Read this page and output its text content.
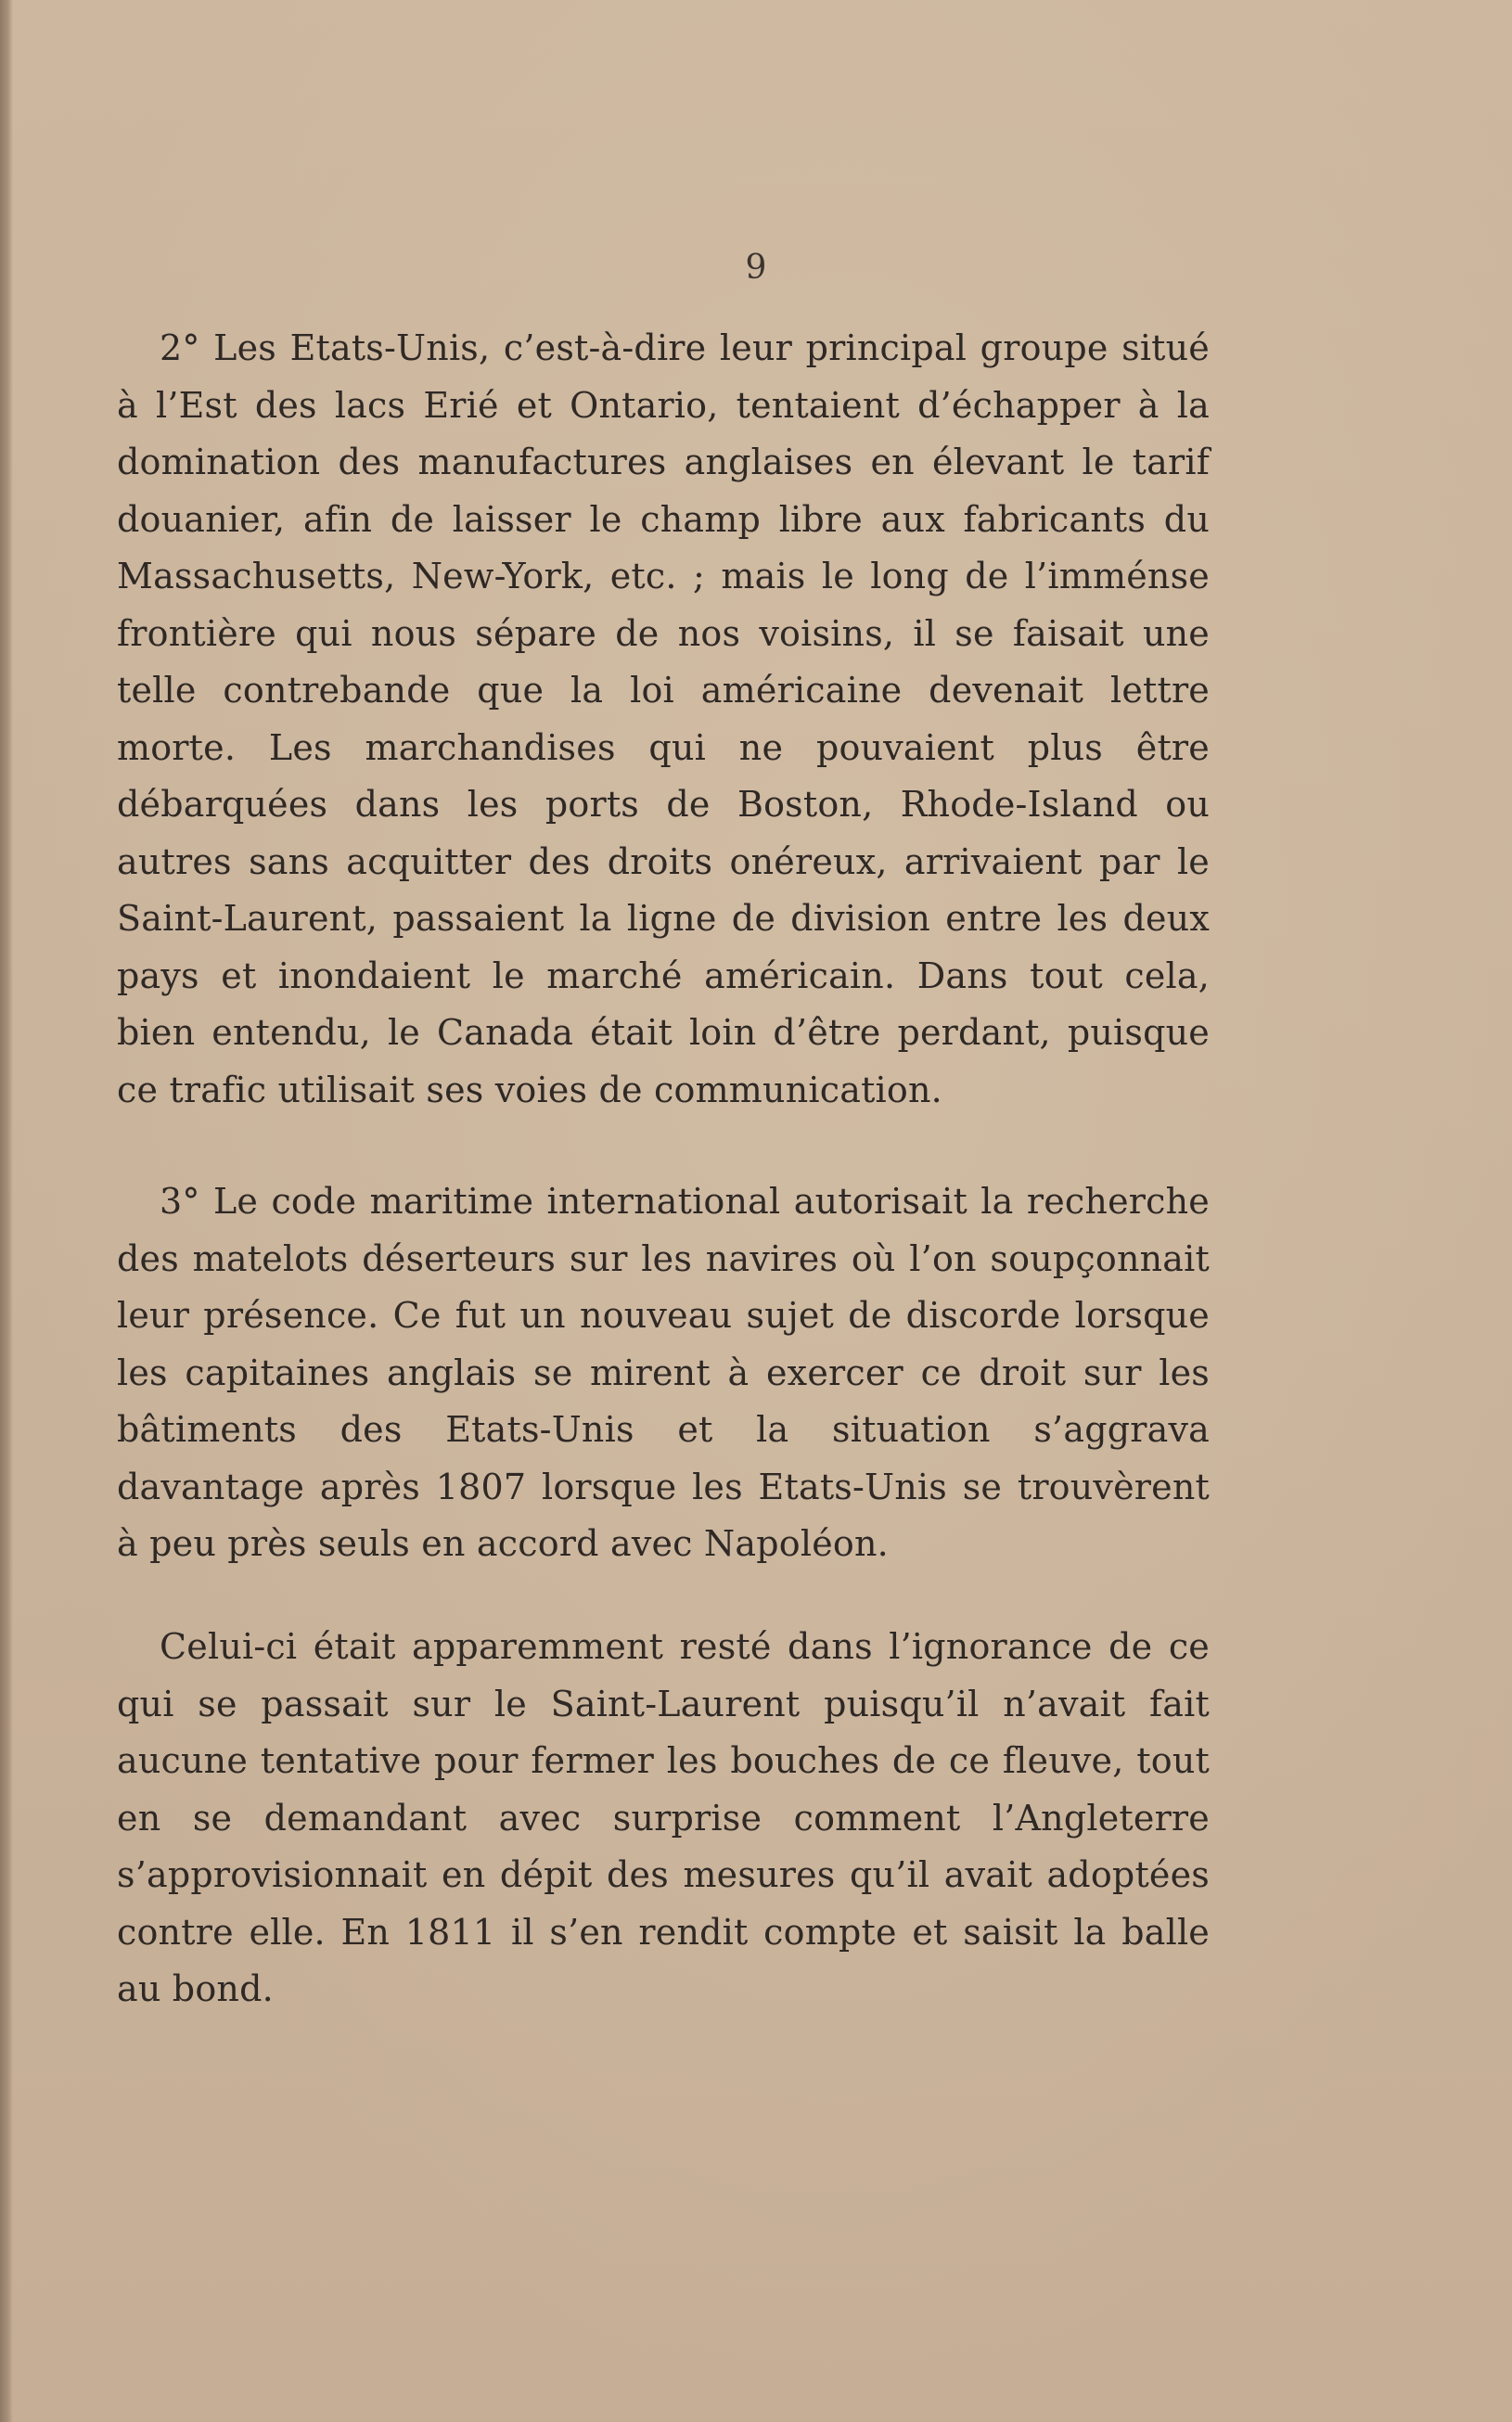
9

2° Les Etats-Unis, c’est-à-dire leur principal groupe situé à l’Est des lacs Erié et Ontario, tentaient d’échapper à la domination des manufactures anglaises en élevant le tarif douanier, afin de laisser le champ libre aux fabricants du Massachusetts, New-York, etc. ; mais le long de l’imménse frontière qui nous sépare de nos voisins, il se faisait une telle contrebande que la loi américaine devenait lettre morte. Les marchandises qui ne pouvaient plus être débarquées dans les ports de Boston, Rhode-Island ou autres sans acquitter des droits onéreux, arrivaient par le Saint-Laurent, passaient la ligne de division entre les deux pays et inondaient le marché américain. Dans tout cela, bien entendu, le Canada était loin d’être perdant, puisque ce trafic utilisait ses voies de communication.

3° Le code maritime international autorisait la recherche des matelots déserteurs sur les navires où l’on soupçonnait leur présence. Ce fut un nouveau sujet de discorde lorsque les capitaines anglais se mirent à exercer ce droit sur les bâtiments des Etats-Unis et la situation s’aggrava davantage après 1807 lorsque les Etats-Unis se trouvèrent à peu près seuls en accord avec Napoléon.

Celui-ci était apparemment resté dans l’ignorance de ce qui se passait sur le Saint-Laurent puisqu’il n’avait fait aucune tentative pour fermer les bouches de ce fleuve, tout en se demandant avec surprise comment l’Angleterre s’approvisionnait en dépit des mesures qu’il avait adoptées contre elle. En 1811 il s’en rendit compte et saisit la balle au bond.
